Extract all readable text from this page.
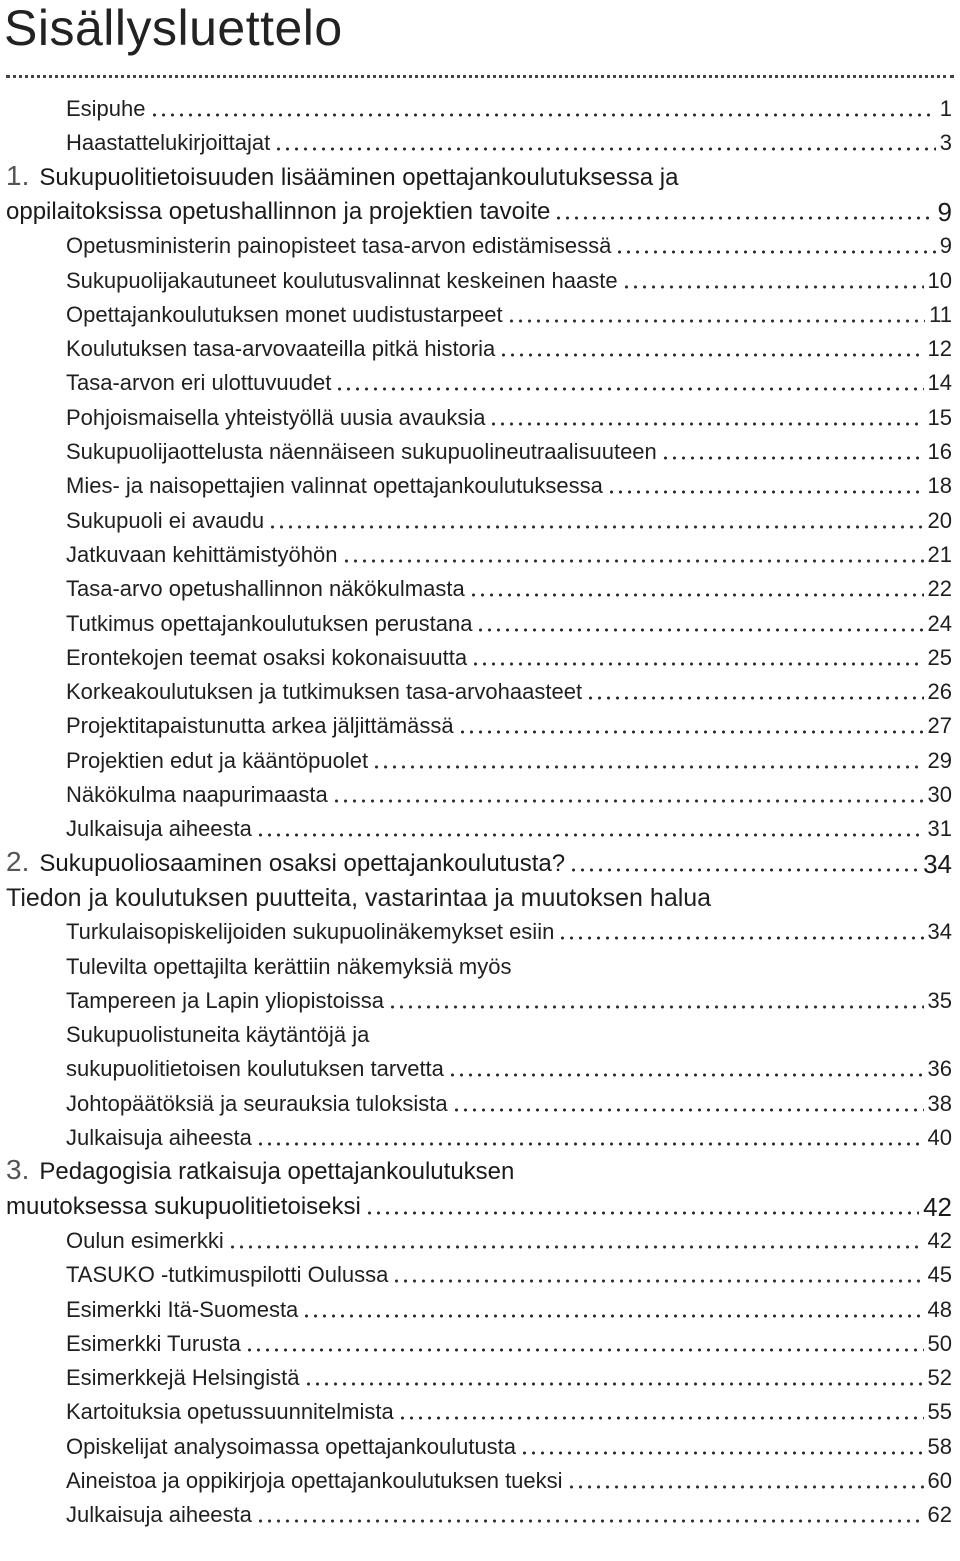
Sisällysluettelo
Esipuhe	1
Haastattelukirjoittajat	3
1. Sukupuolitietoisuuden lisääminen opettajankoulutuksessa ja
oppilaitoksissa opetushallinnon ja projektien tavoite	9
Opetusministerin painopisteet tasa-arvon edistämisessä	9
Sukupuolijakautuneet koulutusvalinnat keskeinen haaste	10
Opettajankoulutuksen monet uudistustarpeet	11
Koulutuksen tasa-arvovaateilla pitkä historia	12
Tasa-arvon eri ulottuvuudet	14
Pohjoismaisella yhteistyöllä uusia avauksia	15
Sukupuolijaottelusta näennäiseen sukupuolineutraalisuuteen	16
Mies- ja naisopettajien valinnat opettajankoulutuksessa	18
Sukupuoli ei avaudu	20
Jatkuvaan kehittämistyöhön	21
Tasa-arvo opetushallinnon näkökulmasta	22
Tutkimus opettajankoulutuksen perustana	24
Erontekojen teemat osaksi kokonaisuutta	25
Korkeakoulutuksen ja tutkimuksen tasa-arvohaasteet	26
Projektitapaistunutta arkea jäljittämässä	27
Projektien edut ja kääntöpuolet	29
Näkökulma naapurimaasta	30
Julkaisuja aiheesta	31
2. Sukupuoliosaaminen osaksi opettajankoulutusta?	34
Tiedon ja koulutuksen puutteita, vastarintaa ja muutoksen halua
Turkulaisopiskelijoiden sukupuolinäkemykset esiin	34
Tulevilta opettajilta kerättiin näkemyksiä myös
Tampereen ja Lapin yliopistoissa	35
Sukupuolistuneita käytäntöjä ja
sukupuolitietoisen koulutuksen tarvetta	36
Johtopäätöksiä ja seurauksia tuloksista	38
Julkaisuja aiheesta	40
3. Pedagogisia ratkaisuja opettajankoulutuksen
muutoksessa sukupuolitietoiseksi	42
Oulun esimerkki	42
TASUKO -tutkimuspilotti Oulussa	45
Esimerkki Itä-Suomesta	48
Esimerkki Turusta	50
Esimerkkejä Helsingistä	52
Kartoituksia opetussuunnitelmista	55
Opiskelijat analysoimassa opettajankoulutusta	58
Aineistoa ja oppikirjoja opettajankoulutuksen tueksi	60
Julkaisuja aiheesta	62
